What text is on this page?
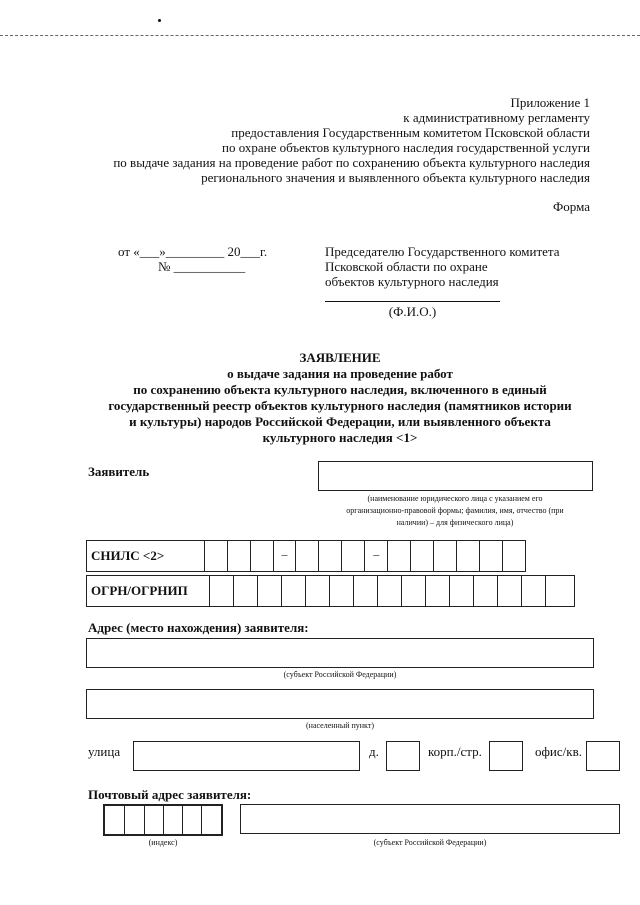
Приложение 1
к административному регламенту
предоставления Государственным комитетом Псковской области
по охране объектов культурного наследия государственной услуги
по выдаче задания на проведение работ по сохранению объекта культурного наследия
регионального значения и выявленного объекта культурного наследия
Форма
от «___»_________ 20___г.
№ ___________
Председателю Государственного комитета
Псковской области по охране
объектов культурного наследия
(Ф.И.О.)
ЗАЯВЛЕНИЕ
о выдаче задания на проведение работ
по сохранению объекта культурного наследия, включенного в единый
государственный реестр объектов культурного наследия (памятников истории
и культуры) народов Российской Федерации, или выявленного объекта
культурного наследия <1>
Заявитель
(наименование юридического лица с указанием его
организационно-правовой формы; фамилия, имя, отчество (при
наличии) – для физического лица)
СНИЛС <2>	–	–
ОГРН/ОГРНИП
Адрес (место нахождения) заявителя:
(субъект Российской Федерации)
(населенный пункт)
улица	д.	корп./стр.	офис/кв.
Почтовый адрес заявителя:
(индекс)	(субъект Российской Федерации)
